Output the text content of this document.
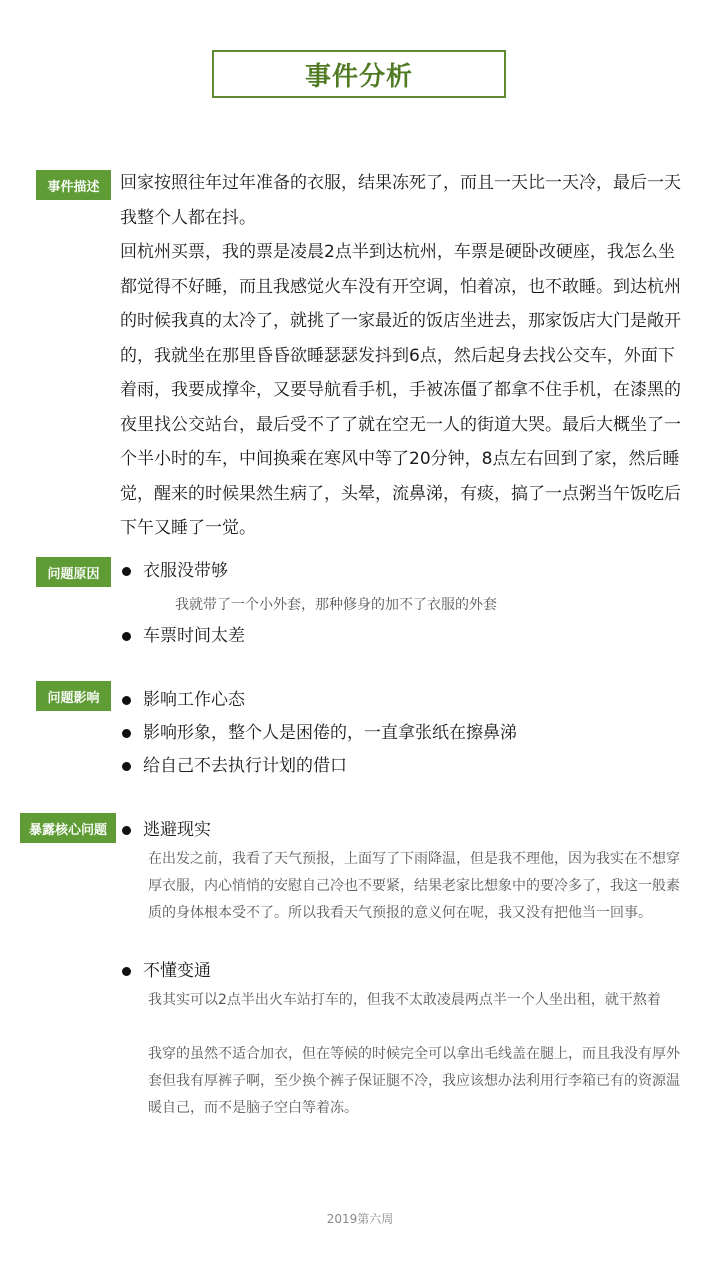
事件分析
事件描述	回家按照往年过年准备的衣服，结果冻死了，而且一天比一天冷，最后一天我整个人都在抖。

回杭州买票，我的票是凌晨2点半到达杭州，车票是硬卧改硬座，我怎么坐都觉得不好睡，而且我感觉火车没有开空调，怕着凉，也不敢睡。到达杭州的时候我真的太冷了，就挑了一家最近的饭店坐进去，那家饭店大门是敞开的，我就坐在那里昏昏欲睡瑟瑟发抖到6点，然后起身去找公交车，外面下着雨，我要成撑伞，又要导航看手机，手被冻僵了都拿不住手机，在漆黑的夜里找公交站台，最后受不了了就在空无一人的街道大哭。最后大概坐了一个半小时的车，中间换乘在寒风中等了20分钟，8点左右回到了家，然后睡觉，醒来的时候果然生病了，头晕，流鼻涕，有痰，搞了一点粥当午饭吃后下午又睡了一觉。

问题原因	衣服没带够

我就带了一个小外套，那种修身的加不了衣服的外套

车票时间太差
问题影响	影响工作心态
影响形象，整个人是困倦的，一直拿张纸在擦鼻涕
给自己不去执行计划的借口
暴露核心问题	逃避现实

在出发之前，我看了天气预报，上面写了下雨降温，但是我不理他，因为我实在不想穿厚衣服，内心悄悄的安慰自己冷也不要紧，结果老家比想象中的要冷多了，我这一般素质的身体根本受不了。所以我看天气预报的意义何在呢，我又没有把他当一回事。

不懂变通

我其实可以2点半出火车站打车的，但我不太敢凌晨两点半一个人坐出租，就干熬着

我穿的虽然不适合加衣，但在等候的时候完全可以拿出毛线盖在腿上，而且我没有厚外套但我有厚裤子啊，至少换个裤子保证腿不冷，我应该想办法利用行李箱已有的资源温暖自己，而不是脑子空白等着冻。

2019第六周
